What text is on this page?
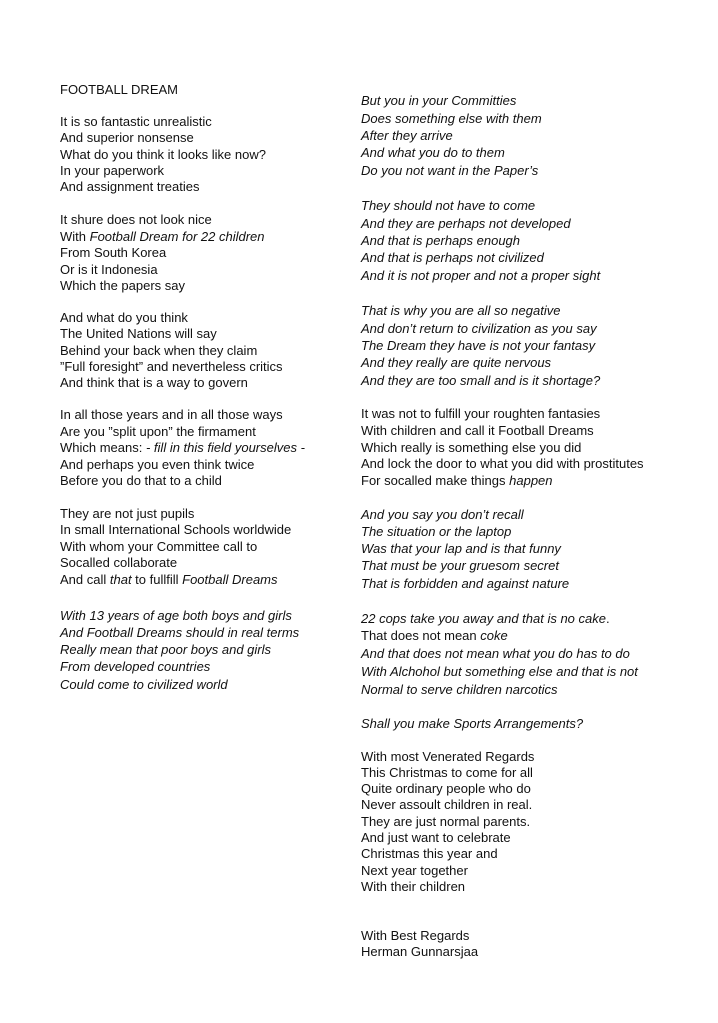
FOOTBALL DREAM
It is so fantastic unrealistic
And superior nonsense
What do you think it looks like now?
In your paperwork
And assignment treaties
It shure does not look nice
With Football Dream for 22 children
From South Korea
Or is it Indonesia
Which the papers say
And what do you think
The United Nations will say
Behind your back when they claim
”Full foresight” and nevertheless critics
And think that is a way to govern
In all those years and in all those ways
Are you ”split upon” the firmament
Which means: - fill in this field yourselves -
And perhaps you even think twice
Before you do that to a child
They are not just pupils
In small International Schools worldwide
With whom your Committee call to
Socalled collaborate
And call that to fullfill Football Dreams
With 13 years of age both boys and girls
And Football Dreams should in real terms
Really mean that poor boys and girls
From developed countries
Could come to civilized world
But you in your Committies
Does something else with them
After they arrive
And what you do to them
Do you not want in the Paper’s
They should not have to come
And they are perhaps not developed
And that is perhaps enough
And that is perhaps not civilized
And it is not proper and not a proper sight
That is why you are all so negative
And don’t return to civilization as you say
The Dream they have is not your fantasy
And they really are quite nervous
And they are too small and is it shortage?
It was not to fulfill your roughten fantasies
With children and call it Football Dreams
Which really is something else you did
And lock the door to what you did with prostitutes
For socalled make things happen
And you say you don’t recall
The situation or the laptop
Was that your lap and is that funny
That must be your gruesom secret
That is forbidden and against nature
22 cops take you away and that is no cake.
That does not mean coke
And that does not mean what you do has to do
With Alchohol but something else and that is not
Normal to serve children narcotics
Shall you make Sports Arrangements?
With most Venerated Regards
This Christmas to come for all
Quite ordinary people who do
Never assoult children in real.
They are just normal parents.
And just want to celebrate
Christmas this year and
Next year together
With their children
With Best Regards
Herman Gunnarsjaa
